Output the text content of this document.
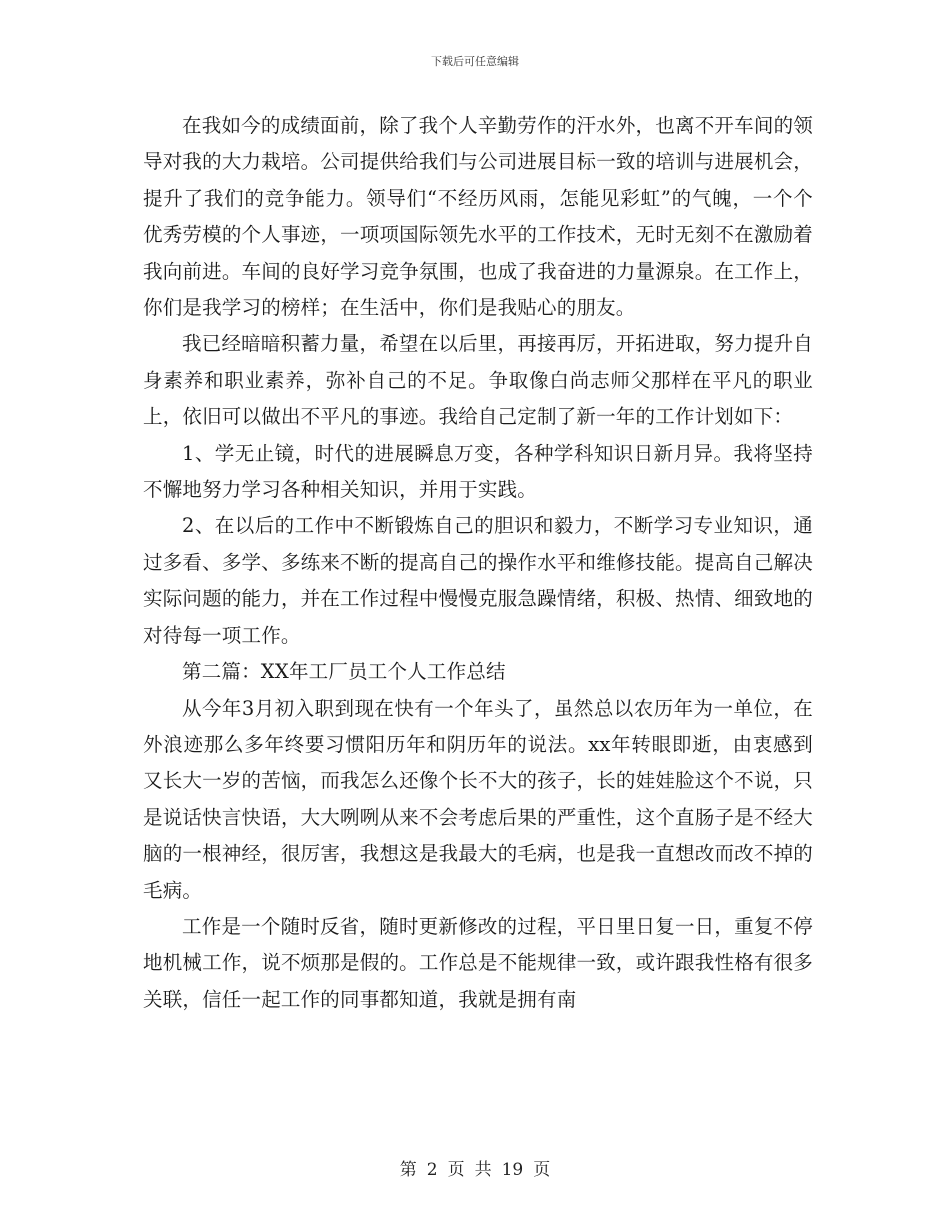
下载后可任意编辑

在我如今的成绩面前，除了我个人辛勤劳作的汗水外，也离不开车间的领导对我的大力栽培。公司提供给我们与公司进展目标一致的培训与进展机会，提升了我们的竞争能力。领导们“不经历风雨，怎能见彩虹”的气魄，一个个优秀劳模的个人事迹，一项项国际领先水平的工作技术，无时无刻不在激励着我向前进。车间的良好学习竞争氛围，也成了我奋进的力量源泉。在工作上，你们是我学习的榜样；在生活中，你们是我贴心的朋友。

我已经暗暗积蓄力量，希望在以后里，再接再厉，开拓进取，努力提升自身素养和职业素养，弥补自己的不足。争取像白尚志师父那样在平凡的职业上，依旧可以做出不平凡的事迹。我给自己定制了新一年的工作计划如下：

1、学无止镜，时代的进展瞬息万变，各种学科知识日新月异。我将坚持不懈地努力学习各种相关知识，并用于实践。

2、在以后的工作中不断锻炼自己的胆识和毅力，不断学习专业知识，通过多看、多学、多练来不断的提高自己的操作水平和维修技能。提高自己解决实际问题的能力，并在工作过程中慢慢克服急躁情绪，积极、热情、细致地的对待每一项工作。

第二篇：XX年工厂员工个人工作总结

从今年3月初入职到现在快有一个年头了，虽然总以农历年为一单位，在外浪迹那么多年终要习惯阳历年和阴历年的说法。xx年转眼即逝，由衷感到又长大一岁的苦恼，而我怎么还像个长不大的孩子，长的娃娃脸这个不说，只是说话快言快语，大大咧咧从来不会考虑后果的严重性，这个直肠子是不经大脑的一根神经，很厉害，我想这是我最大的毛病，也是我一直想改而改不掉的毛病。

工作是一个随时反省，随时更新修改的过程，平日里日复一日，重复不停地机械工作，说不烦那是假的。工作总是不能规律一致，或许跟我性格有很多关联，信任一起工作的同事都知道，我就是拥有南

第 2 页 共 19 页
